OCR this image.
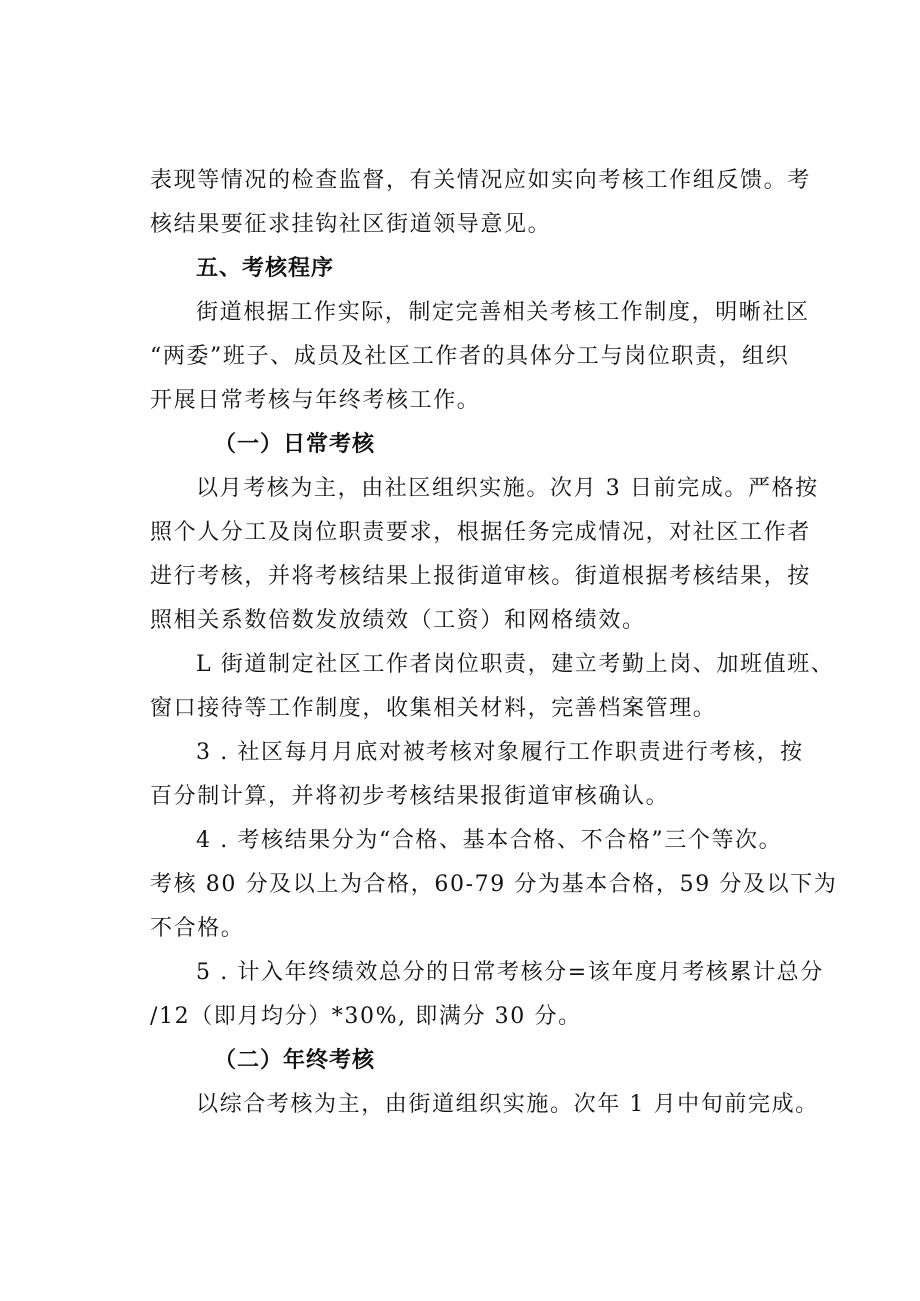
表现等情况的检查监督，有关情况应如实向考核工作组反馈。考
核结果要征求挂钩社区街道领导意见。
五、考核程序
街道根据工作实际，制定完善相关考核工作制度，明晰社区
“两委”班子、成员及社区工作者的具体分工与岗位职责，组织
开展日常考核与年终考核工作。
（一）日常考核
以月考核为主，由社区组织实施。次月 3 日前完成。严格按
照个人分工及岗位职责要求，根据任务完成情况，对社区工作者
进行考核，并将考核结果上报街道审核。街道根据考核结果，按
照相关系数倍数发放绩效（工资）和网格绩效。
L 街道制定社区工作者岗位职责，建立考勤上岗、加班值班、
窗口接待等工作制度，收集相关材料，完善档案管理。
3 . 社区每月月底对被考核对象履行工作职责进行考核，按
百分制计算，并将初步考核结果报街道审核确认。
4 . 考核结果分为“合格、基本合格、不合格”三个等次。
考核 80 分及以上为合格，60-79 分为基本合格，59 分及以下为
不合格。
5 . 计入年终绩效总分的日常考核分=该年度月考核累计总分
/12（即月均分）*30%, 即满分 30 分。
（二）年终考核
以综合考核为主，由街道组织实施。次年 1 月中旬前完成。
